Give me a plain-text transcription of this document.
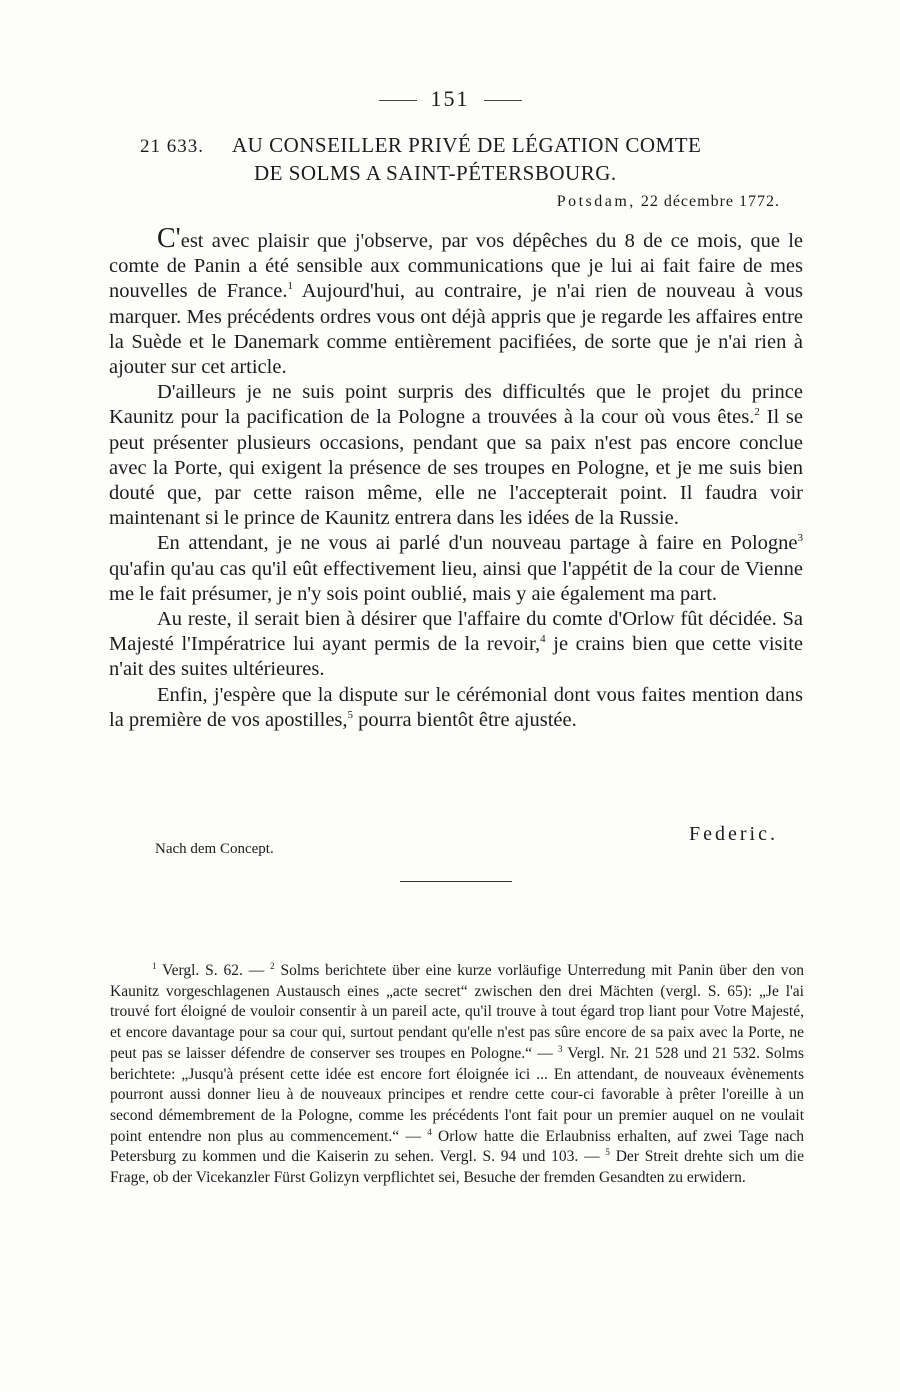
151
21 633. AU CONSEILLER PRIVÉ DE LÉGATION COMTE
DE SOLMS A SAINT-PÉTERSBOURG.
Potsdam, 22 décembre 1772.

C'est avec plaisir que j'observe, par vos dépêches du 8 de ce mois, que le comte de Panin a été sensible aux communications que je lui ai fait faire de mes nouvelles de France.$^1$ Aujourd'hui, au contraire, je n'ai rien de nouveau à vous marquer. Mes précédents ordres vous ont déjà appris que je regarde les affaires entre la Suède et le Danemark comme entièrement pacifiées, de sorte que je n'ai rien à ajouter sur cet article.

D'ailleurs je ne suis point surpris des difficultés que le projet du prince Kaunitz pour la pacification de la Pologne a trouvées à la cour où vous êtes.$^2$ Il se peut présenter plusieurs occasions, pendant que sa paix n'est pas encore conclue avec la Porte, qui exigent la présence de ses troupes en Pologne, et je me suis bien douté que, par cette raison même, elle ne l'accepterait point. Il faudra voir maintenant si le prince de Kaunitz entrera dans les idées de la Russie.

En attendant, je ne vous ai parlé d'un nouveau partage à faire en Pologne$^3$ qu'afin qu'au cas qu'il eût effectivement lieu, ainsi que l'appétit de la cour de Vienne me le fait présumer, je n'y sois point oublié, mais y aie également ma part.

Au reste, il serait bien à désirer que l'affaire du comte d'Orlow fût décidée. Sa Majesté l'Impératrice lui ayant permis de la revoir,$^4$ je crains bien que cette visite n'ait des suites ultérieures.

Enfin, j'espère que la dispute sur le cérémonial dont vous faites mention dans la première de vos apostilles,$^5$ pourra bientôt être ajustée.

Federic.
Nach dem Concept.

$^1$ Vergl. S. 62. — $^2$ Solms berichtete über eine kurze vorläufige Unterredung mit Panin über den von Kaunitz vorgeschlagenen Austausch eines „acte secret“ zwischen den drei Mächten (vergl. S. 65): „Je l'ai trouvé fort éloigné de vouloir consentir à un pareil acte, qu'il trouve à tout égard trop liant pour Votre Majesté, et encore davantage pour sa cour qui, surtout pendant qu'elle n'est pas sûre encore de sa paix avec la Porte, ne peut pas se laisser défendre de conserver ses troupes en Pologne.“ — $^3$ Vergl. Nr. 21 528 und 21 532. Solms berichtete: „Jusqu'à présent cette idée est encore fort éloignée ici ... En attendant, de nouveaux évènements pourront aussi donner lieu à de nouveaux principes et rendre cette cour-ci favorable à prêter l'oreille à un second démembrement de la Pologne, comme les précédents l'ont fait pour un premier auquel on ne voulait point entendre non plus au commencement.“ — $^4$ Orlow hatte die Erlaubniss erhalten, auf zwei Tage nach Petersburg zu kommen und die Kaiserin zu sehen. Vergl. S. 94 und 103. — $^5$ Der Streit drehte sich um die Frage, ob der Vicekanzler Fürst Golizyn verpflichtet sei, Besuche der fremden Gesandten zu erwidern.
